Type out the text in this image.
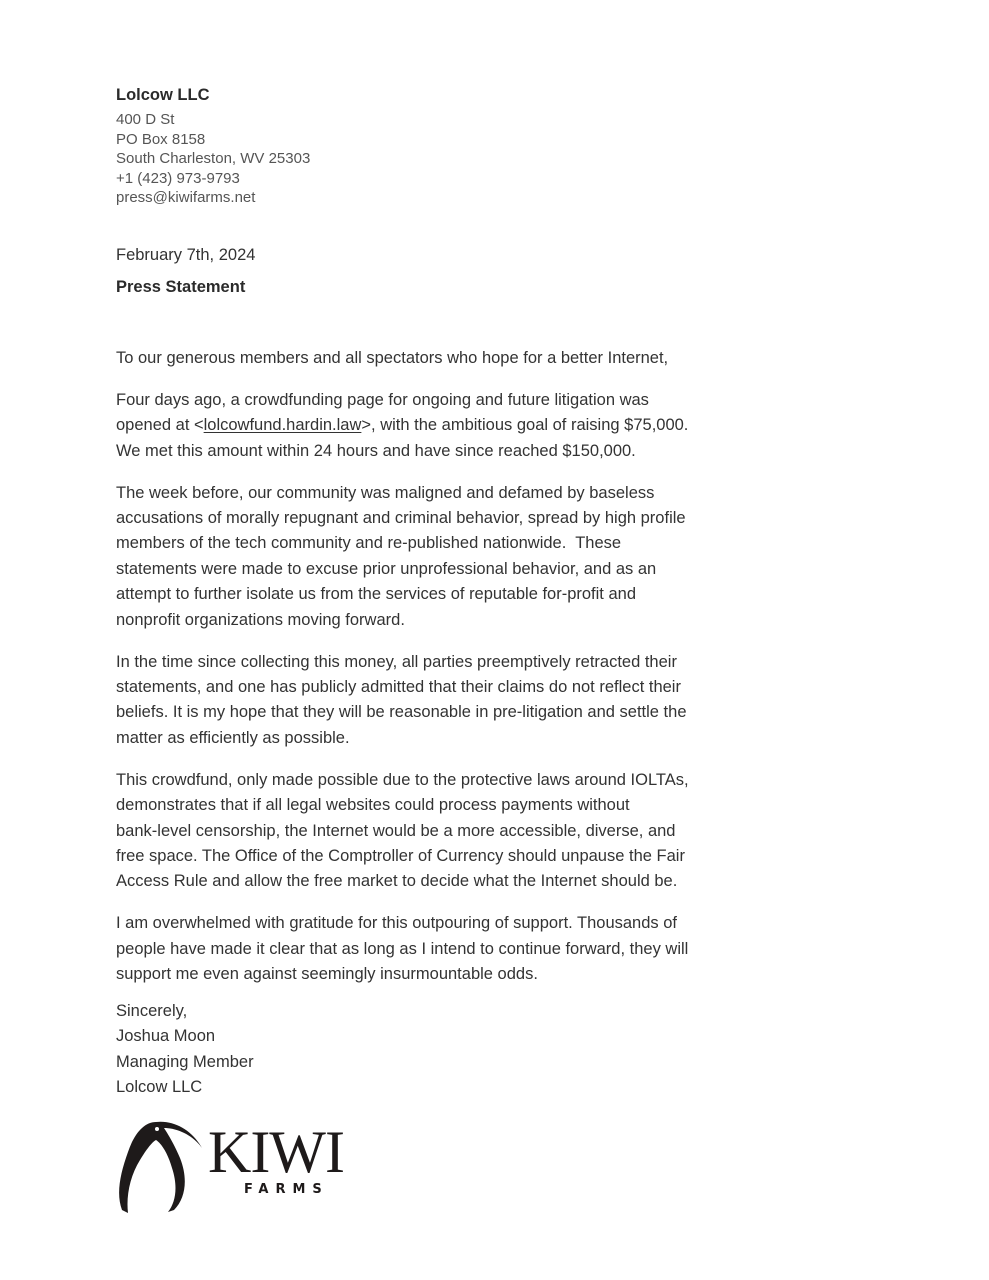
Lolcow LLC
400 D St
PO Box 8158
South Charleston, WV 25303
+1 (423) 973-9793
press@kiwifarms.net
February 7th, 2024
Press Statement

To our generous members and all spectators who hope for a better Internet,

Four days ago, a crowdfunding page for ongoing and future litigation was
opened at <lolcowfund.hardin.law>, with the ambitious goal of raising $75,000.
We met this amount within 24 hours and have since reached $150,000.

The week before, our community was maligned and defamed by baseless
accusations of morally repugnant and criminal behavior, spread by high profile
members of the tech community and re-published nationwide.  These
statements were made to excuse prior unprofessional behavior, and as an
attempt to further isolate us from the services of reputable for-profit and
nonprofit organizations moving forward.

In the time since collecting this money, all parties preemptively retracted their
statements, and one has publicly admitted that their claims do not reflect their
beliefs. It is my hope that they will be reasonable in pre-litigation and settle the
matter as efficiently as possible.

This crowdfund, only made possible due to the protective laws around IOLTAs,
demonstrates that if all legal websites could process payments without
bank-level censorship, the Internet would be a more accessible, diverse, and
free space. The Office of the Comptroller of Currency should unpause the Fair
Access Rule and allow the free market to decide what the Internet should be.

I am overwhelmed with gratitude for this outpouring of support. Thousands of
people have made it clear that as long as I intend to continue forward, they will
support me even against seemingly insurmountable odds.

Sincerely,
Joshua Moon
Managing Member
Lolcow LLC
KIWI
FARMS
